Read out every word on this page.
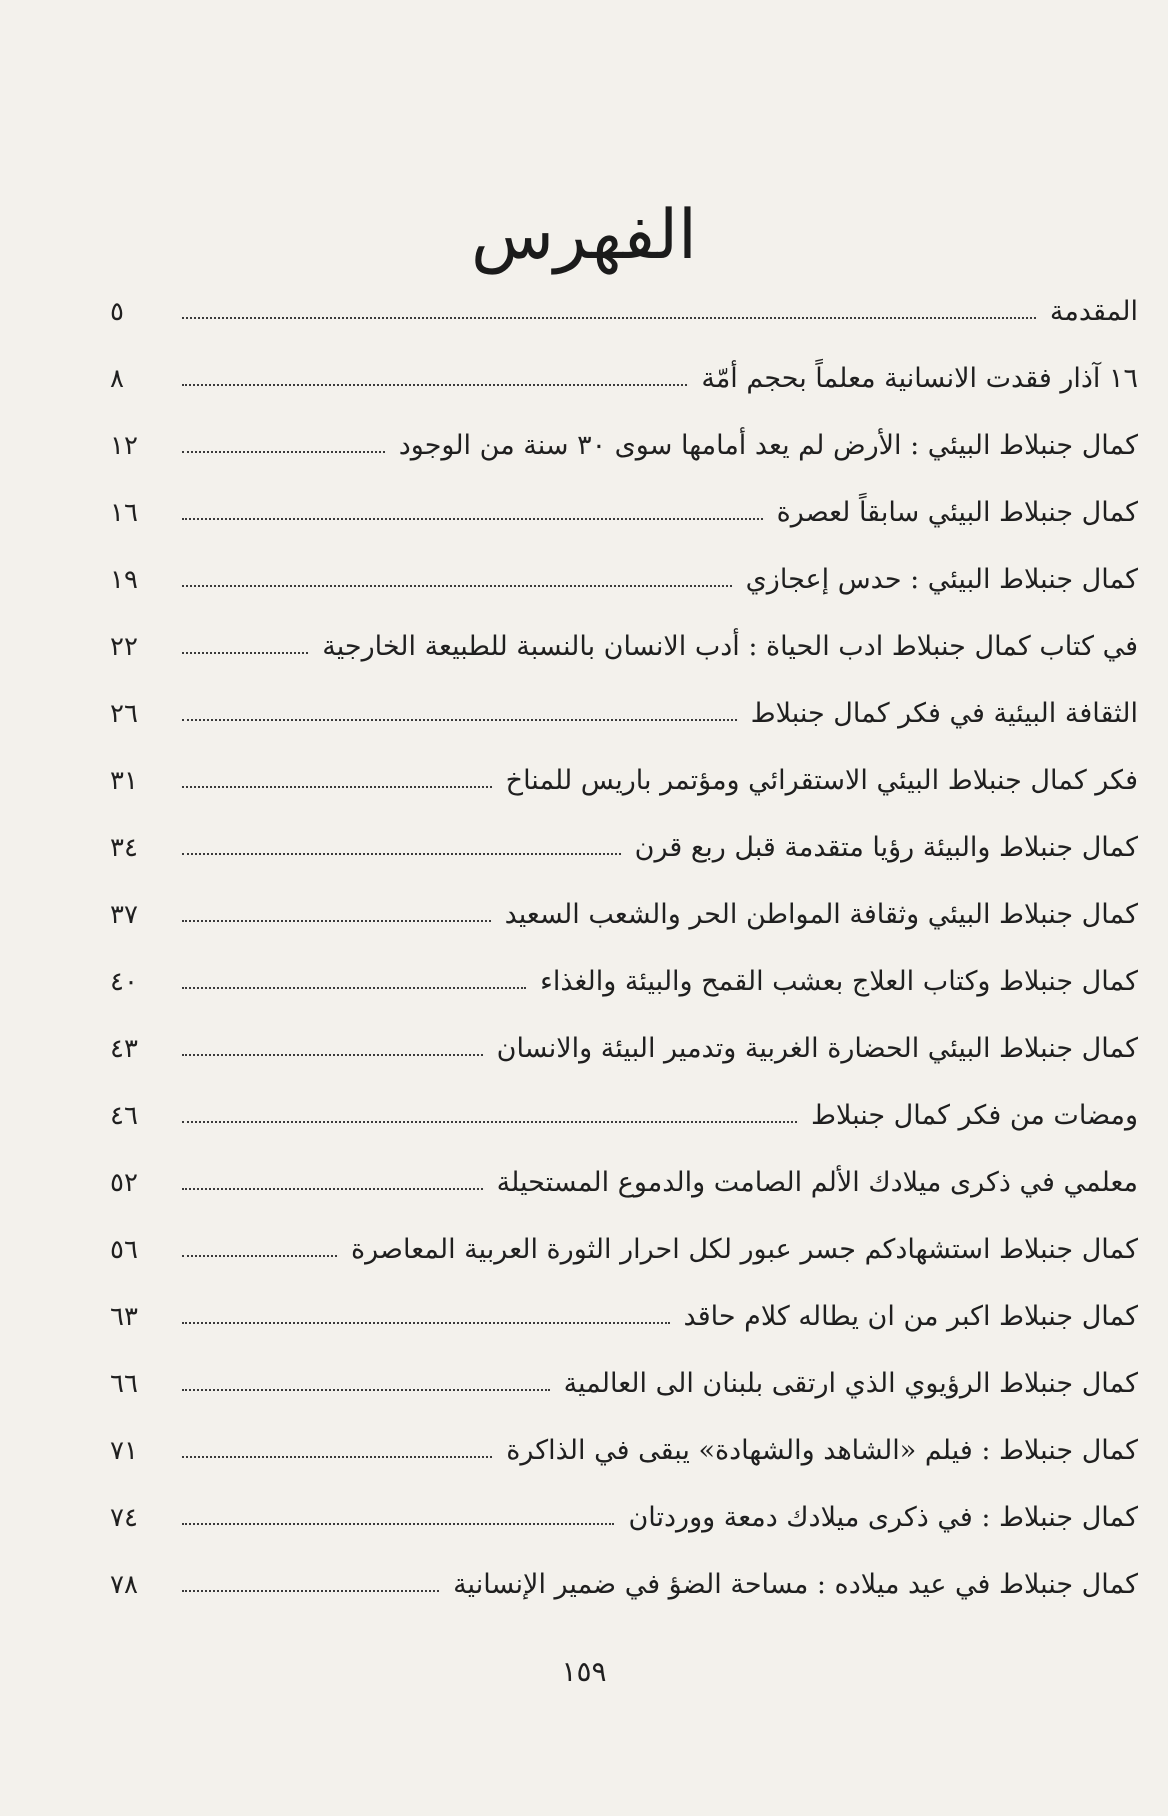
الفهرس
المقدمة
٥
١٦ آذار فقدت الانسانية معلماً بحجم أمّة
٨
كمال جنبلاط البيئي : الأرض لم يعد أمامها سوى ٣٠ سنة من الوجود
١٢
كمال جنبلاط البيئي سابقاً لعصرة
١٦
كمال جنبلاط البيئي : حدس إعجازي
١٩
في كتاب كمال جنبلاط ادب الحياة : أدب الانسان بالنسبة للطبيعة الخارجية
٢٢
الثقافة البيئية في فكر كمال جنبلاط
٢٦
فكر كمال جنبلاط البيئي الاستقرائي ومؤتمر باريس للمناخ
٣١
كمال جنبلاط والبيئة رؤيا متقدمة قبل ربع قرن
٣٤
كمال جنبلاط البيئي وثقافة المواطن الحر والشعب السعيد
٣٧
كمال جنبلاط وكتاب العلاج بعشب القمح والبيئة والغذاء
٤٠
كمال جنبلاط البيئي الحضارة الغربية وتدمير البيئة والانسان
٤٣
ومضات من فكر كمال جنبلاط
٤٦
معلمي في ذكرى ميلادك الألم الصامت والدموع المستحيلة
٥٢
كمال جنبلاط استشهادكم جسر عبور لكل احرار الثورة العربية المعاصرة
٥٦
كمال جنبلاط اكبر من ان يطاله كلام حاقد
٦٣
كمال جنبلاط الرؤيوي الذي ارتقى بلبنان الى العالمية
٦٦
كمال جنبلاط : فيلم «الشاهد والشهادة» يبقى في الذاكرة
٧١
كمال جنبلاط : في ذكرى ميلادك دمعة ووردتان
٧٤
كمال جنبلاط في عيد ميلاده : مساحة الضؤ في ضمير الإنسانية
٧٨
١٥٩
